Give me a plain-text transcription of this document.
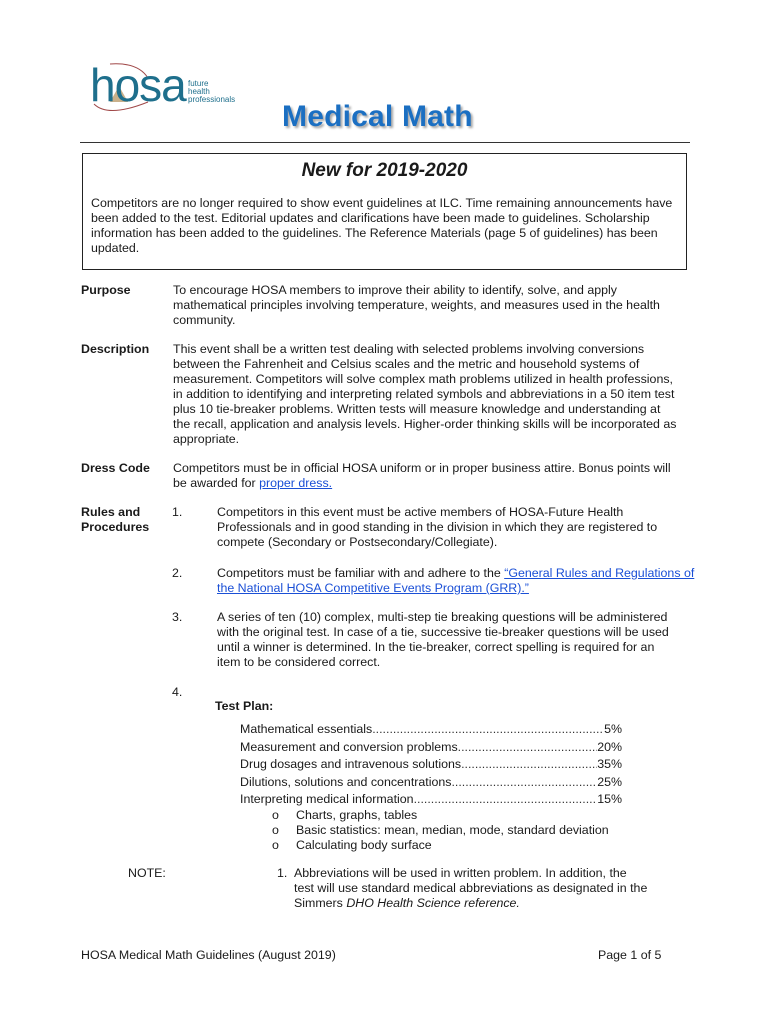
hosa future
health
professionals
Medical Math
New for 2019-2020
Competitors are no longer required to show event guidelines at ILC. Time remaining announcements have
been added to the test. Editorial updates and clarifications have been made to guidelines. Scholarship
information has been added to the guidelines. The Reference Materials (page 5 of guidelines) has been
updated.
Purpose	To encourage HOSA members to improve their ability to identify, solve, and apply
mathematical principles involving temperature, weights, and measures used in the health
community.
Description This event shall be a written test dealing with selected problems involving conversions
between the Fahrenheit and Celsius scales and the metric and household systems of
measurement. Competitors will solve complex math problems utilized in health professions,
in addition to identifying and interpreting related symbols and abbreviations in a 50 item test
plus 10 tie-breaker problems. Written tests will measure knowledge and understanding at
the recall, application and analysis levels. Higher-order thinking skills will be incorporated as
appropriate.
Dress Code Competitors must be in official HOSA uniform or in proper business attire. Bonus points will
be awarded for proper dress.
Rules and
Procedures
1.	Competitors in this event must be active members of HOSA-Future Health
Professionals and in good standing in the division in which they are registered to
compete (Secondary or Postsecondary/Collegiate).
2.	Competitors must be familiar with and adhere to the “General Rules and Regulations of
the National HOSA Competitive Events Program (GRR).”
3.	A series of ten (10) complex, multi-step tie breaking questions will be administered
with the original test. In case of a tie, successive tie-breaker questions will be used
until a winner is determined. In the tie-breaker, correct spelling is required for an
item to be considered correct.
4.
Test Plan:
Mathematical essentials .....	5%
Measurement and conversion problems .....	20%
Drug dosages and intravenous solutions .....	35%
Dilutions, solutions and concentrations .....	25%
Interpreting medical information .....	15%
o
o
o
Charts, graphs, tables
Basic statistics: mean, median, mode, standard deviation
Calculating body surface
NOTE:	1. Abbreviations will be used in written problem. In addition, the
test will use standard medical abbreviations as designated in the
Simmers DHO Health Science reference.
HOSA Medical Math Guidelines (August 2019)	Page 1 of 5
